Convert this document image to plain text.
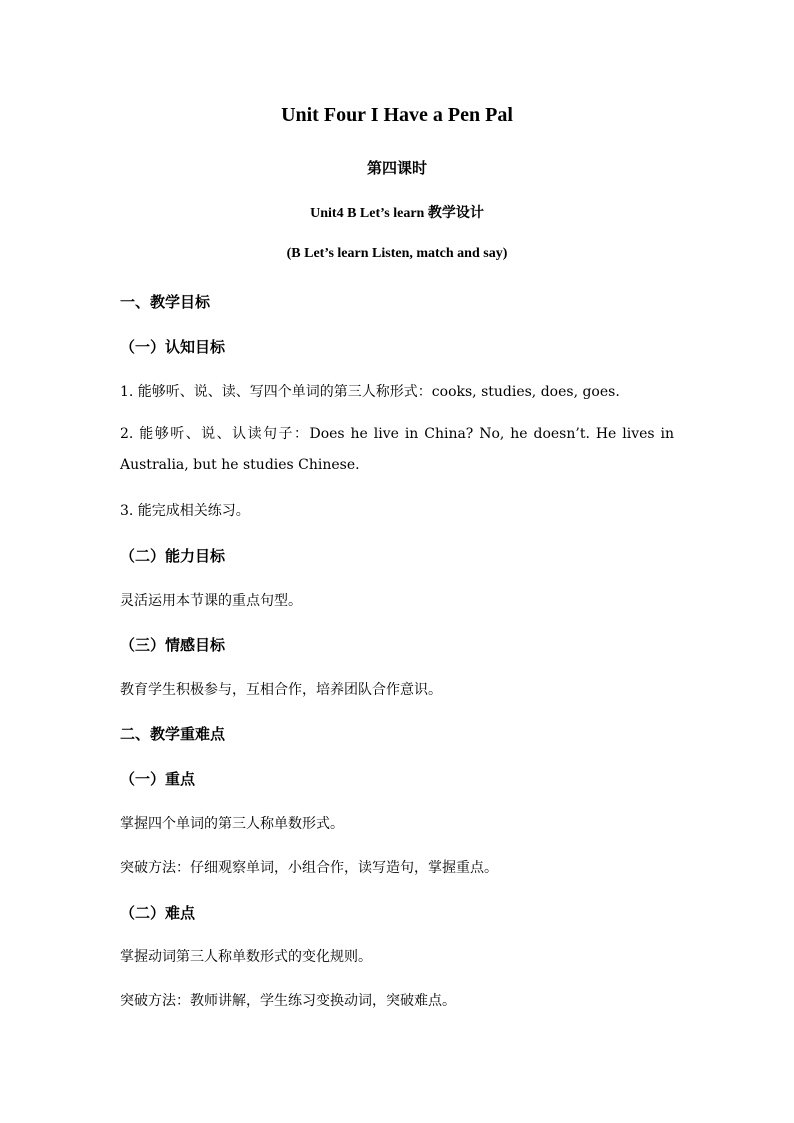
Unit Four I Have a Pen Pal
第四课时
Unit4 B Let’s learn 教学设计
(B Let’s learn Listen, match and say)
一、教学目标
（一）认知目标
1. 能够听、说、读、写四个单词的第三人称形式：cooks, studies, does, goes.
2. 能够听、说、认读句子：Does he live in China? No, he doesn’t. He lives in Australia, but he studies Chinese.
3. 能完成相关练习。
（二）能力目标
灵活运用本节课的重点句型。
（三）情感目标
教育学生积极参与，互相合作，培养团队合作意识。
二、教学重难点
（一）重点
掌握四个单词的第三人称单数形式。
突破方法：仔细观察单词，小组合作，读写造句，掌握重点。
（二）难点
掌握动词第三人称单数形式的变化规则。
突破方法：教师讲解，学生练习变换动词，突破难点。
